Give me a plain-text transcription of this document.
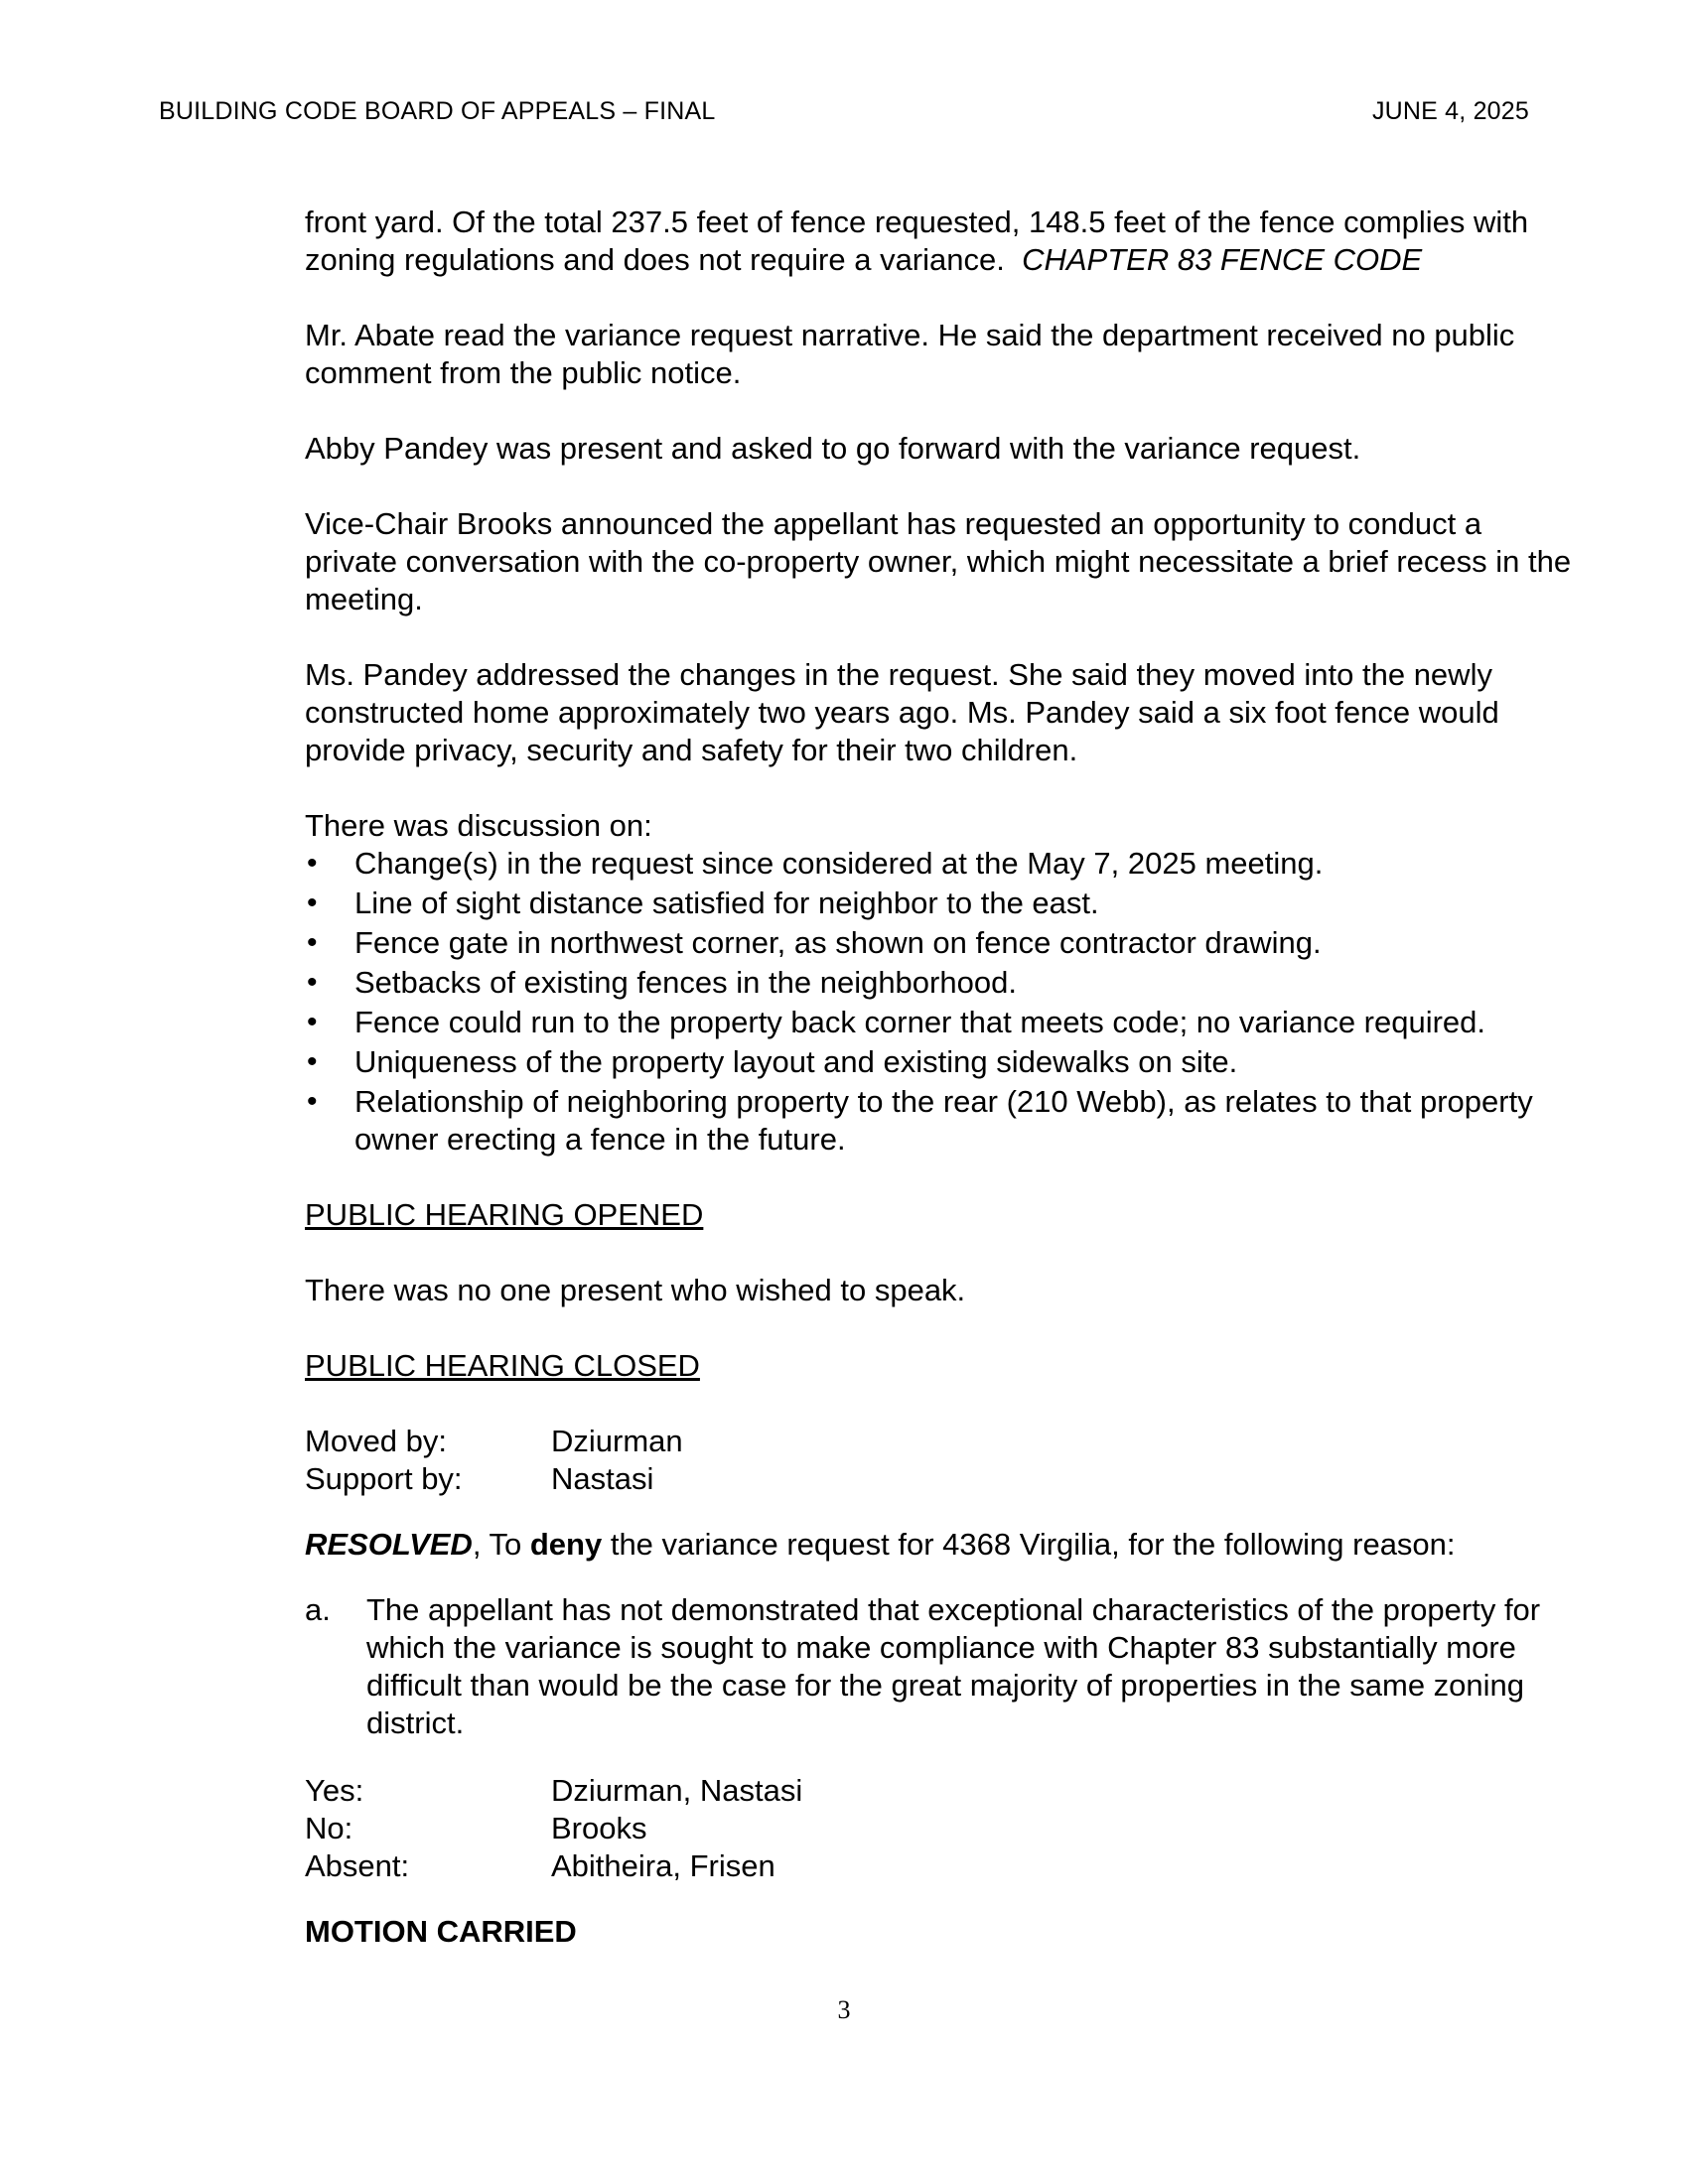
BUILDING CODE BOARD OF APPEALS – FINAL	JUNE 4, 2025

front yard. Of the total 237.5 feet of fence requested, 148.5 feet of the fence complies with zoning regulations and does not require a variance. CHAPTER 83 FENCE CODE

Mr. Abate read the variance request narrative. He said the department received no public comment from the public notice.

Abby Pandey was present and asked to go forward with the variance request.

Vice-Chair Brooks announced the appellant has requested an opportunity to conduct a private conversation with the co-property owner, which might necessitate a brief recess in the meeting.

Ms. Pandey addressed the changes in the request. She said they moved into the newly constructed home approximately two years ago. Ms. Pandey said a six foot fence would provide privacy, security and safety for their two children.

There was discussion on:

• Change(s) in the request since considered at the May 7, 2025 meeting.
• Line of sight distance satisfied for neighbor to the east.
• Fence gate in northwest corner, as shown on fence contractor drawing.
• Setbacks of existing fences in the neighborhood.
• Fence could run to the property back corner that meets code; no variance required.
• Uniqueness of the property layout and existing sidewalks on site.
• Relationship of neighboring property to the rear (210 Webb), as relates to that property owner erecting a fence in the future.

PUBLIC HEARING OPENED

There was no one present who wished to speak.

PUBLIC HEARING CLOSED

Moved by:	Dziurman
Support by:	Nastasi

RESOLVED, To deny the variance request for 4368 Virgilia, for the following reason:

a.	The appellant has not demonstrated that exceptional characteristics of the property for which the variance is sought to make compliance with Chapter 83 substantially more difficult than would be the case for the great majority of properties in the same zoning district.
Yes:	Dziurman, Nastasi
No:	Brooks
Absent:	Abitheira, Frisen

MOTION CARRIED

3
